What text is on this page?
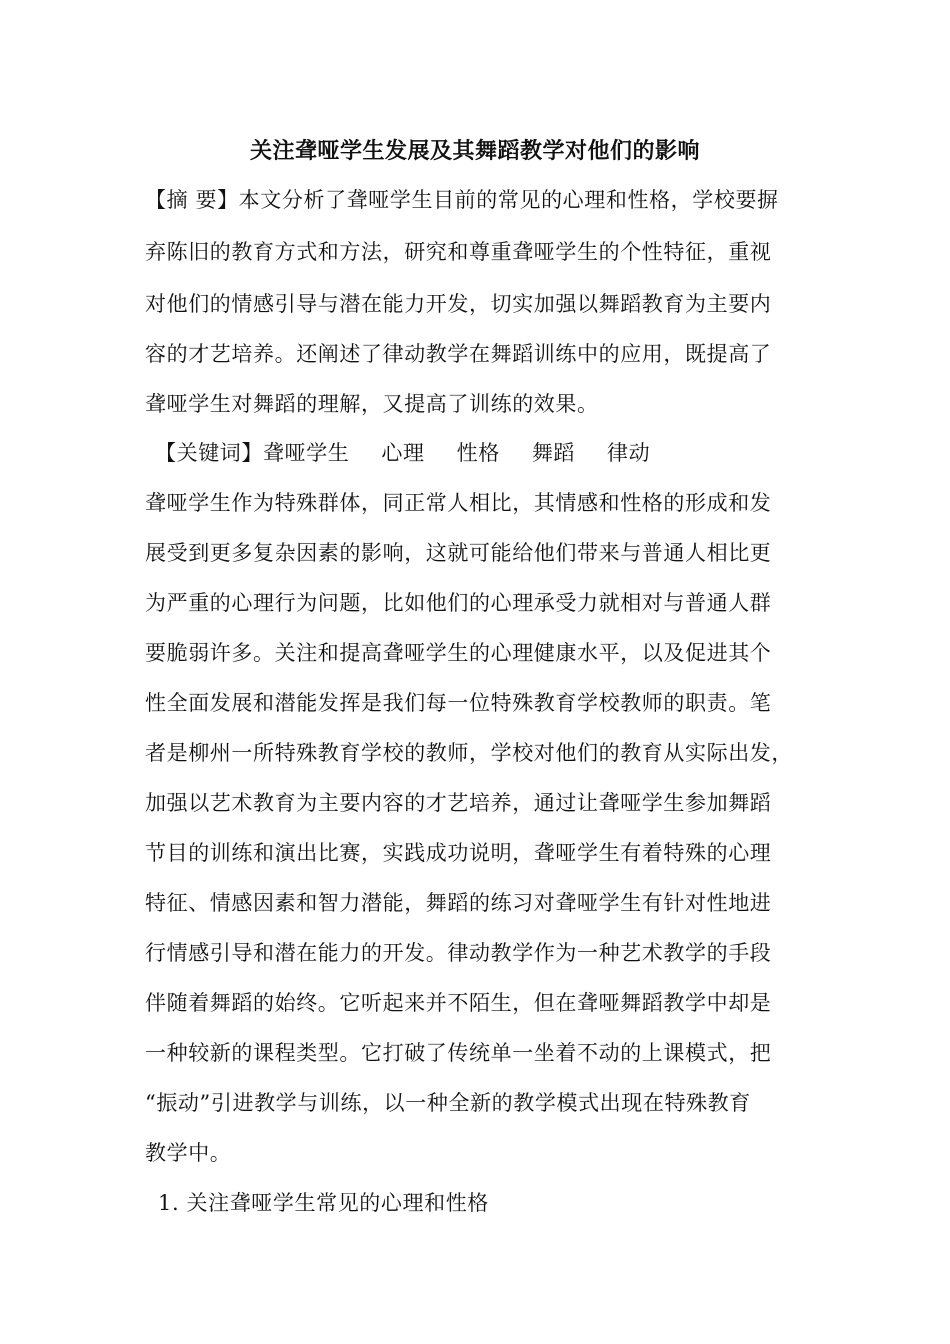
关注聋哑学生发展及其舞蹈教学对他们的影响
【摘 要】本文分析了聋哑学生目前的常见的心理和性格，学校要摒
弃陈旧的教育方式和方法，研究和尊重聋哑学生的个性特征，重视
对他们的情感引导与潜在能力开发，切实加强以舞蹈教育为主要内
容的才艺培养。还阐述了律动教学在舞蹈训练中的应用，既提高了
聋哑学生对舞蹈的理解，又提高了训练的效果。
【关键词】聋哑学生 心理 性格 舞蹈 律动
聋哑学生作为特殊群体，同正常人相比，其情感和性格的形成和发
展受到更多复杂因素的影响，这就可能给他们带来与普通人相比更
为严重的心理行为问题，比如他们的心理承受力就相对与普通人群
要脆弱许多。关注和提高聋哑学生的心理健康水平，以及促进其个
性全面发展和潜能发挥是我们每一位特殊教育学校教师的职责。笔
者是柳州一所特殊教育学校的教师，学校对他们的教育从实际出发，
加强以艺术教育为主要内容的才艺培养，通过让聋哑学生参加舞蹈
节目的训练和演出比赛，实践成功说明，聋哑学生有着特殊的心理
特征、情感因素和智力潜能，舞蹈的练习对聋哑学生有针对性地进
行情感引导和潜在能力的开发。律动教学作为一种艺术教学的手段
伴随着舞蹈的始终。它听起来并不陌生，但在聋哑舞蹈教学中却是
一种较新的课程类型。它打破了传统单一坐着不动的上课模式，把
“振动”引进教学与训练，以一种全新的教学模式出现在特殊教育
教学中。
1. 关注聋哑学生常见的心理和性格
